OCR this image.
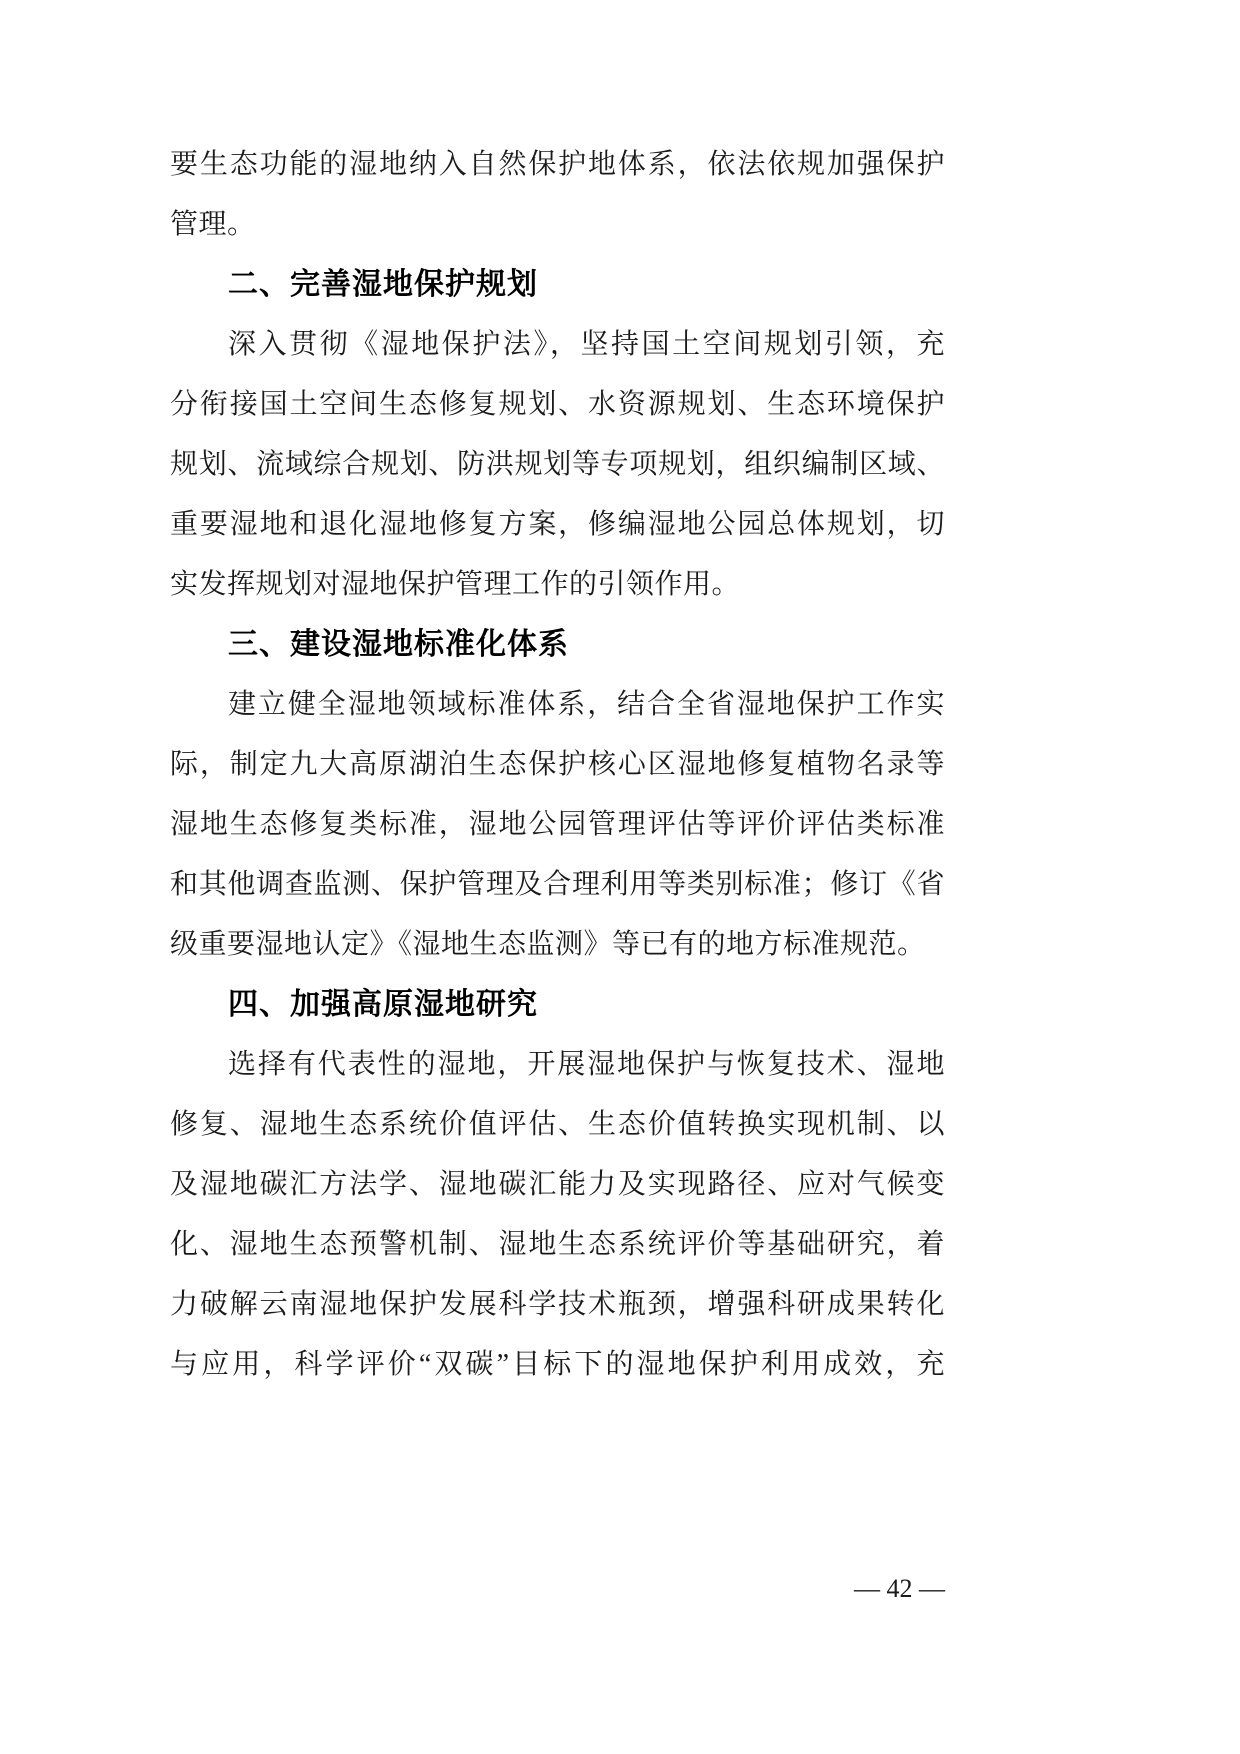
要生态功能的湿地纳入自然保护地体系，依法依规加强保护
管理。
二、完善湿地保护规划
深入贯彻《湿地保护法》，坚持国土空间规划引领，充
分衔接国土空间生态修复规划、水资源规划、生态环境保护
规划、流域综合规划、防洪规划等专项规划，组织编制区域、
重要湿地和退化湿地修复方案，修编湿地公园总体规划，切
实发挥规划对湿地保护管理工作的引领作用。
三、建设湿地标准化体系
建立健全湿地领域标准体系，结合全省湿地保护工作实
际，制定九大高原湖泊生态保护核心区湿地修复植物名录等
湿地生态修复类标准，湿地公园管理评估等评价评估类标准
和其他调查监测、保护管理及合理利用等类别标准；修订《省
级重要湿地认定》《湿地生态监测》等已有的地方标准规范。
四、加强高原湿地研究
选择有代表性的湿地，开展湿地保护与恢复技术、湿地
修复、湿地生态系统价值评估、生态价值转换实现机制、以
及湿地碳汇方法学、湿地碳汇能力及实现路径、应对气候变
化、湿地生态预警机制、湿地生态系统评价等基础研究，着
力破解云南湿地保护发展科学技术瓶颈，增强科研成果转化
与应用，科学评价“双碳”目标下的湿地保护利用成效，充
— 42 —
